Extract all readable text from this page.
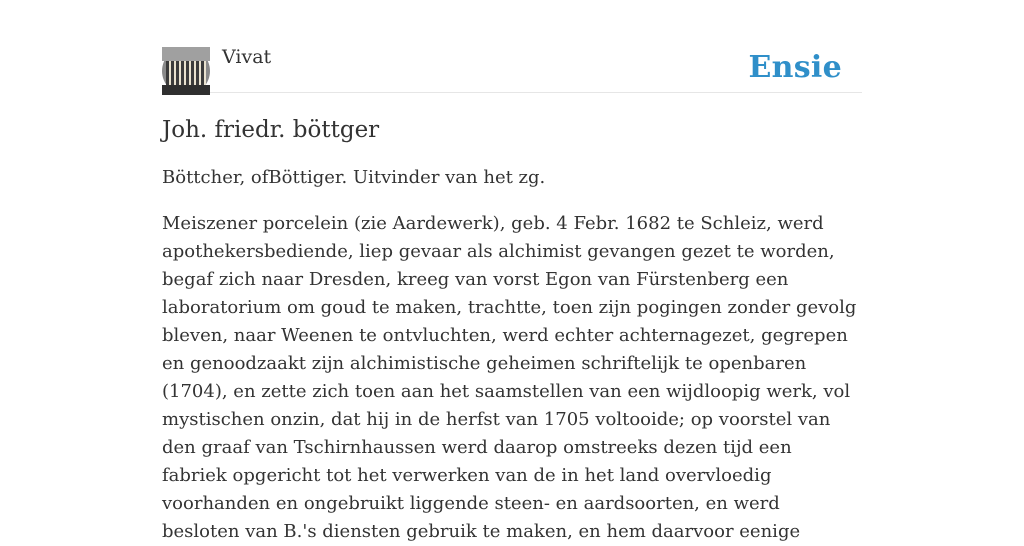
Vivat	Ensie
Joh. friedr. böttger

Böttcher, ofBöttiger. Uitvinder van het zg.

Meiszener porcelein (zie Aardewerk), geb. 4 Febr. 1682 te Schleiz, werd apothekersbediende, liep gevaar als alchimist gevangen gezet te worden, begaf zich naar Dresden, kreeg van vorst Egon van Fürstenberg een laboratorium om goud te maken, trachtte, toen zijn pogingen zonder gevolg bleven, naar Weenen te ontvluchten, werd echter achternagezet, gegrepen en genoodzaakt zijn alchimistische geheimen schriftelijk te openbaren (1704), en zette zich toen aan het saamstellen van een wijdloopig werk, vol mystischen onzin, dat hij in de herfst van 1705 voltooide; op voorstel van den graaf van Tschirnhaussen werd daarop omstreeks dezen tijd een fabriek opgericht tot het verwerken van de in het land overvloedig voorhanden en ongebruikt liggende steen- en aardsoorten, en werd besloten van B.'s diensten gebruik te maken, en hem daarvoor eenige
